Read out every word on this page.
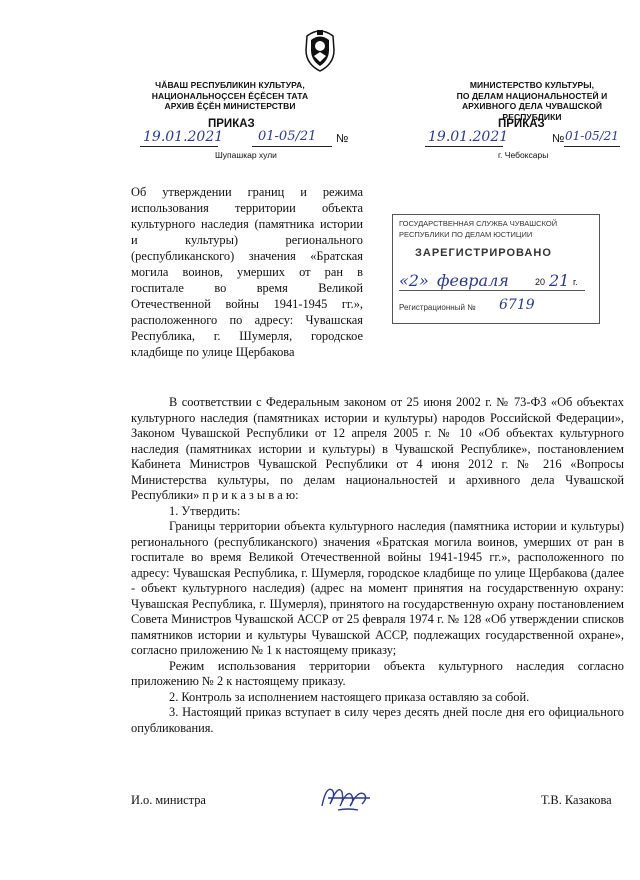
ЧĂВАШ РЕСПУБЛИКИН КУЛЬТУРА,
НАЦИОНАЛЬНОÇСЕН ĔÇĔСЕН ТАТА
АРХИВ ĔÇĔН МИНИСТЕРСТВИ
ПРИКАЗ
19.01.2021	01-05/21 №
Шупашкар хули
МИНИСТЕРСТВО КУЛЬТУРЫ,
ПО ДЕЛАМ НАЦИОНАЛЬНОСТЕЙ И
АРХИВНОГО ДЕЛА ЧУВАШСКОЙ РЕСПУБЛИКИ
ПРИКАЗ
19.01.2021	№ 01-05/21
г. Чебоксары
Об утверждении границ и режима использования территории объекта культурного наследия (памятника истории и культуры) регионального (республиканского) значения «Братская могила воинов, умерших от ран в госпитале во время Великой Отечественной войны 1941-1945 гг.», расположенного по адресу: Чувашская Республика, г. Шумерля, городское кладбище по улице Щербакова
ГОСУДАРСТВЕННАЯ СЛУЖБА ЧУВАШСКОЙ
РЕСПУБЛИКИ ПО ДЕЛАМ ЮСТИЦИИ
ЗАРЕГИСТРИРОВАНО
«2» февраля	20 21 г.
Регистрационный № 6719

В соответствии с Федеральным законом от 25 июня 2002 г. № 73-ФЗ «Об объектах культурного наследия (памятниках истории и культуры) народов Российской Федерации», Законом Чувашской Республики от 12 апреля 2005 г. № 10 «Об объектах культурного наследия (памятниках истории и культуры) в Чувашской Республике», постановлением Кабинета Министров Чувашской Республики от 4 июня 2012 г. № 216 «Вопросы Министерства культуры, по делам национальностей и архивного дела Чувашской Республики» п р и к а з ы в а ю:

1. Утвердить:

Границы территории объекта культурного наследия (памятника истории и культуры) регионального (республиканского) значения «Братская могила воинов, умерших от ран в госпитале во время Великой Отечественной войны 1941-1945 гг.», расположенного по адресу: Чувашская Республика, г. Шумерля, городское кладбище по улице Щербакова (далее - объект культурного наследия) (адрес на момент принятия на государственную охрану: Чувашская Республика, г. Шумерля), принятого на государственную охрану постановлением Совета Министров Чувашской АССР от 25 февраля 1974 г. № 128 «Об утверждении списков памятников истории и культуры Чувашской АССР, подлежащих государственной охране», согласно приложению № 1 к настоящему приказу;

Режим использования территории объекта культурного наследия согласно приложению № 2 к настоящему приказу.

2. Контроль за исполнением настоящего приказа оставляю за собой.

3. Настоящий приказ вступает в силу через десять дней после дня его официального опубликования.

И.о. министра	Т.В. Казакова
